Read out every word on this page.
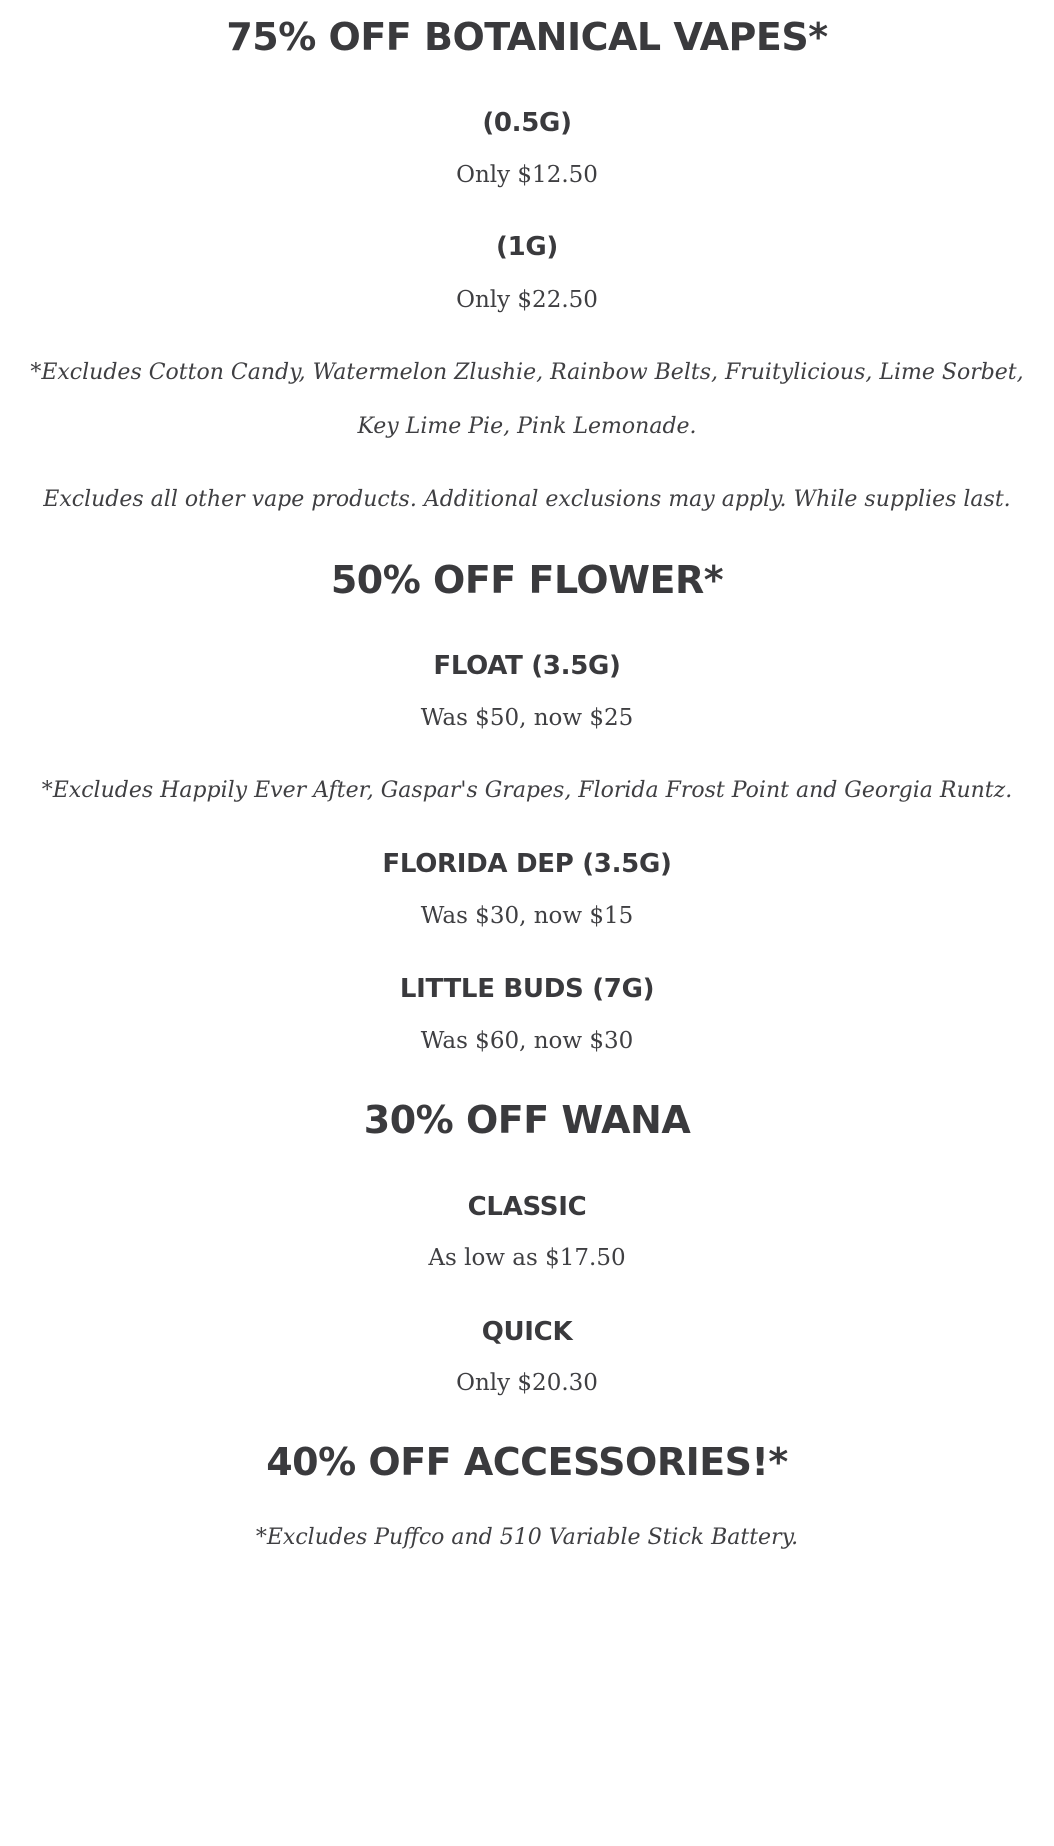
75% OFF BOTANICAL VAPES*
(0.5G)
Only $12.50
(1G)
Only $22.50
*Excludes Cotton Candy, Watermelon Zlushie, Rainbow Belts, Fruitylicious, Lime Sorbet,
Key Lime Pie, Pink Lemonade.
Excludes all other vape products. Additional exclusions may apply. While supplies last.
50% OFF FLOWER*
FLOAT (3.5G)
Was $50, now $25
*Excludes Happily Ever After, Gaspar's Grapes, Florida Frost Point and Georgia Runtz.
FLORIDA DEP (3.5G)
Was $30, now $15
LITTLE BUDS (7G)
Was $60, now $30
30% OFF WANA
CLASSIC
As low as $17.50
QUICK
Only $20.30
40% OFF ACCESSORIES!*
*Excludes Puffco and 510 Variable Stick Battery.
